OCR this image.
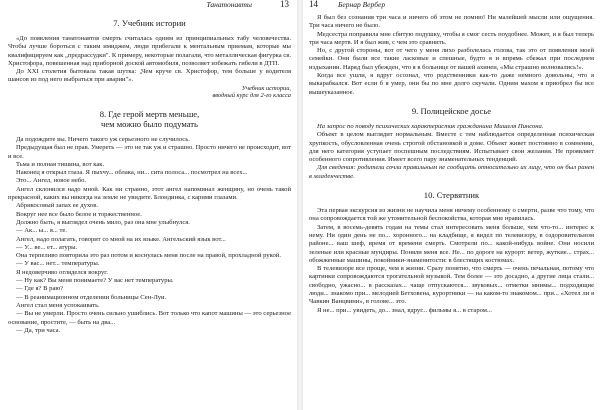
Танатонавты	13
7. Учебник истории

«До появления танатонавтов смерть считалась одним из принципиальных табу человечества. Чтобы лучше бороться с таким имиджем, люди прибегали к ментальным приемам, которые мы квалифицируем как „предрассудки". К примеру, некоторые полагали, что металлическая фигурка св. Христофора, повешенная над приборной доской автомобиля, позволяет избежать гибели в ДТП.

До XXI столетия бытовала такая шутка: „Чем круче св. Христофор, тем больше у водителя шансов из под него выбраться при аварии"».

Учебник истории,
вводный курс для 2-го класса
8. Где герой мертв меньше,
чем можно было подумать

Да подождите вы. Ничего такого уж серьезного не случилось.

Предыдущая был не прав. Умереть — это не так уж и страшно. Просто ничего не происходит, вот и все.

Тьма и полная тишина, вот как.

Наконец я открыл глаза. Я пыхчу... облака, ни... сита полоса... посмотрел на всех...

Это... Ангел, новое небо.

Ангел склонился надо мной. Как ни странно, этот ангел напоминал женщину, но очень такой прекрасной, каких вы никогда на земле не увидите. Блондинка, с карими глазами.

Абрикосовый запах ее духов.

Вокруг нее все было белое и торжественное.

Должно быть, я выглядел очень мило, раз она мне улыбнулся.

— Ак... ы... я... те.

Ангел, надо полагать, говорит со мной на их языке. Ангельский язык вот...

— У... ве... ет... атуры.

Она терпеливо повторила это раз потом и коснулась меня после на правой, прохладной рукой.

— У вас... нет... температуры.

Я недоверчиво огляделся вокруг.

— Ну как? Вы меня понимаете? У вас нет температуры.

— Где я? В раю?

— В реанимационном отделении больницы Сен-Луи.

Ангел стал меня успокаивать.

— Вы не умерли. Просто очень сильно ушиблись. Вот только что капот машины — это серьезное основание, простите, — быть на два...

— Да, три часа.

14	Бернар Вербер

Я был без сознания три часа и ничего об этом не помню! Ни малейшей мысли или ощущения. Три часа ничего не было.

Медсестра поправила мне сбитую подушку, чтобы я смог сесть поудобнее. Может, и я был теперь три часа мертв. И я был жив, с чем это сравнить.

Но, с другой стороны, вот от чего у меня лихо разболелась голова, так это от появления моей семейки. Они были все такие ласковые и спешные, будто я и впрямь сбежал при последнем издыхании. Наряд был убежден, что я в больнице от вашей ахинеи, «Мы страшно волновались!».

Когда все ушли, я вдруг осознал, что родственники как-то даже немного довольны, что я выкарабкался. Вот если б я умер, они бы по мне долго скучали. Одним махом я приобрел бы все вышеуказанное.

9. Полицейское досье

На запрос по поводу психических характеристик гражданина Мишеля Пинсона.

Объект в целом выглядит нормальным. Вместе с тем наблюдается определенная психическая хрупкость, обусловленная очень строгой обстановкой в доме. Объект живет постоянно в сомнении, для него категория уступает поспешным последствиям. Испытывает свои желания. Не проявляет особенного сопротивления. Имеет всего пару знаменательных тенденций.

Для сведения: родители сочли правильным не сообщать относительно их лицу, что он был ранен в младенчестве.

10. Стервятник

Эта первая экскурсия из жизни не научила меня ничему особенному о смерти, разве что тому, что она сопровождается той же утомительной беспокойства, которая мне нравилась.

Затем, в восемь-девять годам на темы стал интересовать меня больше, чем что-то... интерес к нему. Ни один день не по... хоронного... на кладбище, я видел по телевизору, в оздоровительном районе... ваш шеф, время от времени смерть. Смотрели по... какой-нибудь войне. Они носили зеленые или красные мундиры. Поняли меня все. Не... по дороге на курорт: ветер, жуткие... страх... обожженные машины, покойники-знаменитости: в блестящих костюмах.

В телевизоре все проще, чем в жизни. Сразу понятно, что смерть — очень печальная, потому что картинки сопровождаются трогательной музыкой. Тем более — это досадно, а другие лица стали... свободно, ужасно... в рассказах... чаще отпускаются... звуковых... отметки мнимы... подходящие люди... знакомо при... мелодией Бетховена, курортники — на каком-то знакомом... при... «Хотел ли я Чавкин Ванцвини», в голове... это.

Я не... при... увидеть, до... знал, вдруг... фильмы я... в старом...
